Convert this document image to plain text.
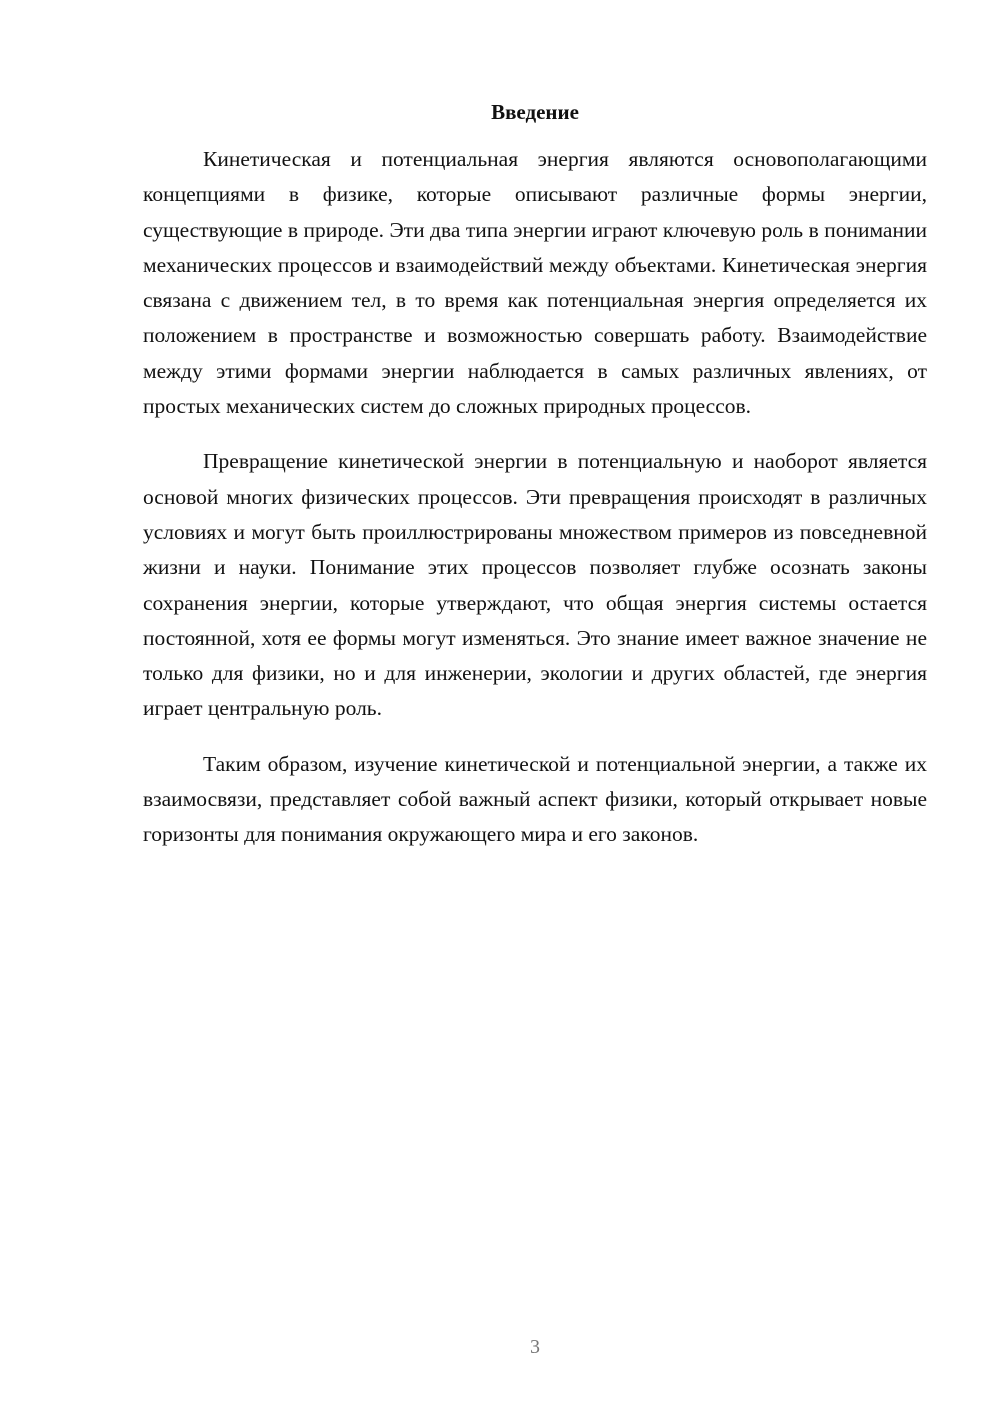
Введение

Кинетическая и потенциальная энергия являются основополагающими концепциями в физике, которые описывают различные формы энергии, существующие в природе. Эти два типа энергии играют ключевую роль в понимании механических процессов и взаимодействий между объектами. Кинетическая энергия связана с движением тел, в то время как потенциальная энергия определяется их положением в пространстве и возможностью совершать работу. Взаимодействие между этими формами энергии наблюдается в самых различных явлениях, от простых механических систем до сложных природных процессов.

Превращение кинетической энергии в потенциальную и наоборот является основой многих физических процессов. Эти превращения происходят в различных условиях и могут быть проиллюстрированы множеством примеров из повседневной жизни и науки. Понимание этих процессов позволяет глубже осознать законы сохранения энергии, которые утверждают, что общая энергия системы остается постоянной, хотя ее формы могут изменяться. Это знание имеет важное значение не только для физики, но и для инженерии, экологии и других областей, где энергия играет центральную роль.

Таким образом, изучение кинетической и потенциальной энергии, а также их взаимосвязи, представляет собой важный аспект физики, который открывает новые горизонты для понимания окружающего мира и его законов.

3
